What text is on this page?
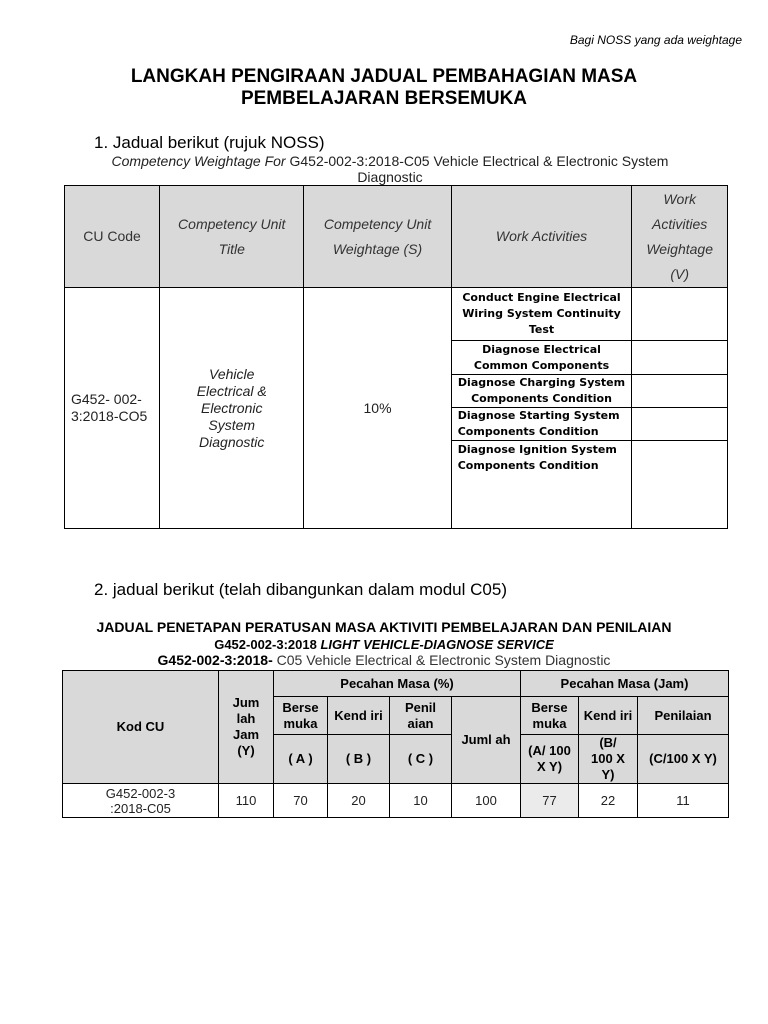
Bagi NOSS yang ada weightage
LANGKAH PENGIRAAN JADUAL PEMBAHAGIAN MASA
PEMBELAJARAN BERSEMUKA
1. Jadual berikut (rujuk NOSS)
Competency Weightage For G452-002-3:2018-C05 Vehicle Electrical & Electronic System
Diagnostic
CU Code	Competency Unit Title	Competency Unit Weightage (S)	Work Activities	Work Activities Weightage (V)
G452- 002-3:2018-CO5	Vehicle Electrical & Electronic System Diagnostic	10%	Conduct Engine Electrical Wiring System Continuity Test	
			Diagnose Electrical Common Components	
			Diagnose Charging System Components Condition	
			Diagnose Starting System Components Condition	
			Diagnose Ignition System Components Condition	
2. jadual berikut (telah dibangunkan dalam modul C05)
JADUAL PENETAPAN PERATUSAN MASA AKTIVITI PEMBELAJARAN DAN PENILAIAN
G452-002-3:2018 LIGHT VEHICLE-DIAGNOSE SERVICE
G452-002-3:2018- C05 Vehicle Electrical & Electronic System Diagnostic
Kod CU	Jum lah Jam (Y)	Pecahan Masa (%)				Pecahan Masa (Jam)		
		Berse muka	Kend iri	Penil aian	Juml ah	Berse muka	Kend iri	Penilaian
		( A )	( B )	( C )		(A/ 100 X Y)	(B/ 100 X Y)	(C/100 X Y)
G452-002-3 :2018-C05	110	70	20	10	100	77	22	11
